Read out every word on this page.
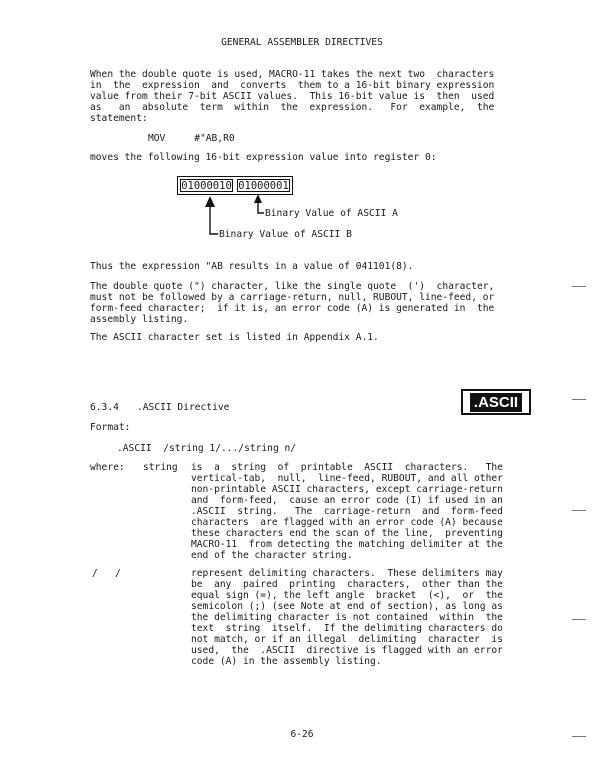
GENERAL ASSEMBLER DIRECTIVES
When the double quote is used, MACRO-11 takes the next two  characters
in  the  expression  and  converts  them to a 16-bit binary expression
value from their 7-bit ASCII values.  This 16-bit value is  then  used
as   an  absolute  term  within  the  expression.   For  example,  the
statement:
MOV     #"AB,R0
moves the following 16-bit expression value into register 0:
01000010 01000001
Binary Value of ASCII A
Binary Value of ASCII B
Thus the expression "AB results in a value of 041101(8).
The double quote (") character, like the single quote  (')  character,
must not be followed by a carriage-return, null, RUBOUT, line-feed, or
form-feed character;  if it is, an error code (A) is generated in  the
assembly listing.
The ASCII character set is listed in Appendix A.1.
6.3.4 .ASCII Directive	.ASCII
Format:
.ASCII  /string 1/.../string n/
where: string is  a  string  of  printable  ASCII  characters.   The
vertical-tab,  null,  line-feed, RUBOUT, and all other
non-printable ASCII characters, except carriage-return
and  form-feed,  cause an error code (I) if used in an
.ASCII  string.   The  carriage-return  and  form-feed
characters  are flagged with an error code (A) because
these characters end the scan of the line,  preventing
MACRO-11  from detecting the matching delimiter at the
end of the character string.
/   /	represent delimiting characters.  These delimiters may
be  any  paired  printing  characters,  other than the
equal sign (=), the left angle  bracket  (<),  or  the
semicolon (;) (see Note at end of section), as long as
the delimiting character is not contained  within  the
text  string  itself.  If the delimiting characters do
not match, or if an illegal  delimiting  character  is
used,  the  .ASCII  directive is flagged with an error
code (A) in the assembly listing.
6-26
